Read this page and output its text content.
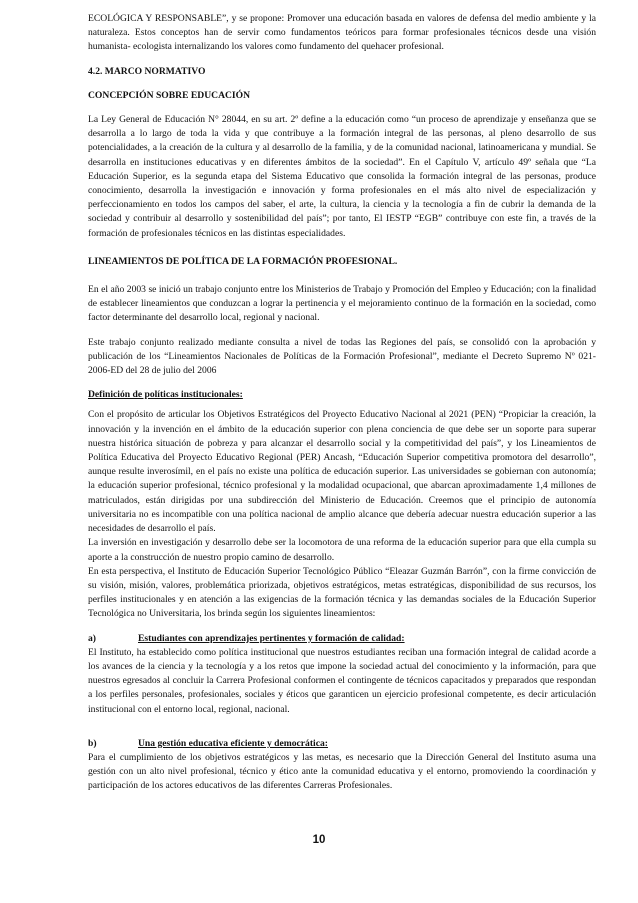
ECOLÓGICA Y RESPONSABLE”, y se propone: Promover una educación basada en valores de defensa del medio ambiente y la naturaleza. Estos conceptos han de servir como fundamentos teóricos para formar profesionales técnicos desde una visión humanista- ecologista internalizando los valores como fundamento del quehacer profesional.

4.2. MARCO NORMATIVO
CONCEPCIÓN SOBRE EDUCACIÓN

La Ley General de Educación N° 28044, en su art. 2º define a la educación como “un proceso de aprendizaje y enseñanza que se desarrolla a lo largo de toda la vida y que contribuye a la formación integral de las personas, al pleno desarrollo de sus potencialidades, a la creación de la cultura y al desarrollo de la familia, y de la comunidad nacional, latinoamericana y mundial. Se desarrolla en instituciones educativas y en diferentes ámbitos de la sociedad”. En el Capítulo V, artículo 49º señala que “La Educación Superior, es la segunda etapa del Sistema Educativo que consolida la formación integral de las personas, produce conocimiento, desarrolla la investigación e innovación y forma profesionales en el más alto nivel de especialización y perfeccionamiento en todos los campos del saber, el arte, la cultura, la ciencia y la tecnología a fin de cubrir la demanda de la sociedad y contribuir al desarrollo y sostenibilidad del país”; por tanto, El IESTP “EGB” contribuye con este fin, a través de la formación de profesionales técnicos en las distintas especialidades.

LINEAMIENTOS DE POLÍTICA DE LA FORMACIÓN PROFESIONAL.

En el año 2003 se inició un trabajo conjunto entre los Ministerios de Trabajo y Promoción del Empleo y Educación; con la finalidad de establecer lineamientos que conduzcan a lograr la pertinencia y el mejoramiento continuo de la formación en la sociedad, como factor determinante del desarrollo local, regional y nacional.

Este trabajo conjunto realizado mediante consulta a nivel de todas las Regiones del país, se consolidó con la aprobación y publicación de los “Lineamientos Nacionales de Políticas de la Formación Profesional”, mediante el Decreto Supremo Nº 021-2006-ED del 28 de julio del 2006

Definición de políticas institucionales:

Con el propósito de articular los Objetivos Estratégicos del Proyecto Educativo Nacional al 2021 (PEN) “Propiciar la creación, la innovación y la invención en el ámbito de la educación superior con plena conciencia de que debe ser un soporte para superar nuestra histórica situación de pobreza y para alcanzar el desarrollo social y la competitividad del país”, y los Lineamientos de Política Educativa del Proyecto Educativo Regional (PER) Ancash, “Educación Superior competitiva promotora del desarrollo”, aunque resulte inverosímil, en el país no existe una política de educación superior. Las universidades se gobiernan con autonomía; la educación superior profesional, técnico profesional y la modalidad ocupacional, que abarcan aproximadamente 1,4 millones de matriculados, están dirigidas por una subdirección del Ministerio de Educación. Creemos que el principio de autonomía universitaria no es incompatible con una política nacional de amplio alcance que debería adecuar nuestra educación superior a las necesidades de desarrollo el país.

La inversión en investigación y desarrollo debe ser la locomotora de una reforma de la educación superior para que ella cumpla su aporte a la construcción de nuestro propio camino de desarrollo.

En esta perspectiva, el Instituto de Educación Superior Tecnológico Público “Eleazar Guzmán Barrón”, con la firme convicción de su visión, misión, valores, problemática priorizada, objetivos estratégicos, metas estratégicas, disponibilidad de sus recursos, los perfiles institucionales y en atención a las exigencias de la formación técnica y las demandas sociales de la Educación Superior Tecnológica no Universitaria, los brinda según los siguientes lineamientos:

a)	Estudiantes con aprendizajes pertinentes y formación de calidad:

El Instituto, ha establecido como política institucional que nuestros estudiantes reciban una formación integral de calidad acorde a los avances de la ciencia y la tecnología y a los retos que impone la sociedad actual del conocimiento y la información, para que nuestros egresados al concluir la Carrera Profesional conformen el contingente de técnicos capacitados y preparados que respondan a los perfiles personales, profesionales, sociales y éticos que garanticen un ejercicio profesional competente, es decir articulación institucional con el entorno local, regional, nacional.

b)	Una gestión educativa eficiente y democrática:

Para el cumplimiento de los objetivos estratégicos y las metas, es necesario que la Dirección General del Instituto asuma una gestión con un alto nivel profesional, técnico y ético ante la comunidad educativa y el entorno, promoviendo la coordinación y participación de los actores educativos de las diferentes Carreras Profesionales.

10
